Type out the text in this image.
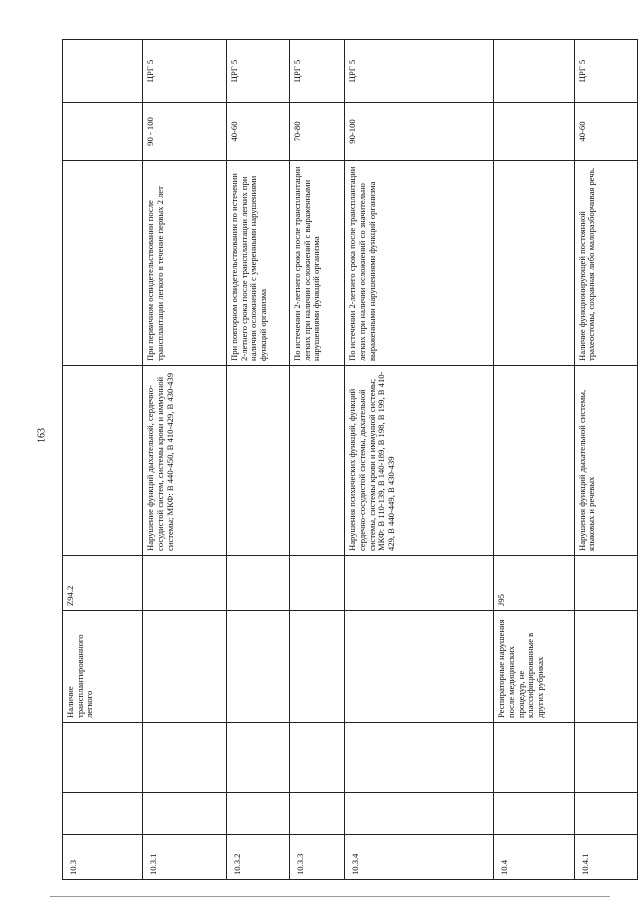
163
10.3			Наличие трансплантированного легкого	Z94.2				
10.3.1					Нарушение функций дыхательной, сердечно-сосудистой систем, системы крови и иммунной системы; МКФ: В 440-450, В 410-429, В 430-439	При первичном освидетельствовании после трансплантации легкого в течение первых 2 лет	90 - 100	ЦРГ 5
10.3.2						При повторном освидетельствовании по истечении 2-летнего срока после трансплантации легких при наличии осложнений с умеренными нарушениями функций организма	40-60	ЦРГ 5
10.3.3						По истечении 2-летнего срока после трансплантации легких при наличии осложнений с выраженными нарушениями функций организма	70-80	ЦРГ 5
10.3.4					Нарушения психических функций, функций сердечно-сосудистой системы, дыхательной системы, системы крови и иммунной системы; МКФ: В 110-139, В 140-189, В 198, В 199, В 410-429, В 440-449, В 430-439	По истечении 2-летнего срока после трансплантации легких при наличии осложнений со значительно выраженными нарушениями функций организма	90-100	ЦРГ 5
10.4			Респираторные нарушения после медицинских процедур, не классифицированные в других рубриках	J95				
10.4.1					Нарушения функций дыхательной системы, языковых и речевых	Наличие функционирующей постоянной трахеостомы, сохранная либо малоразборчивая речь.	40-60	ЦРГ 5
